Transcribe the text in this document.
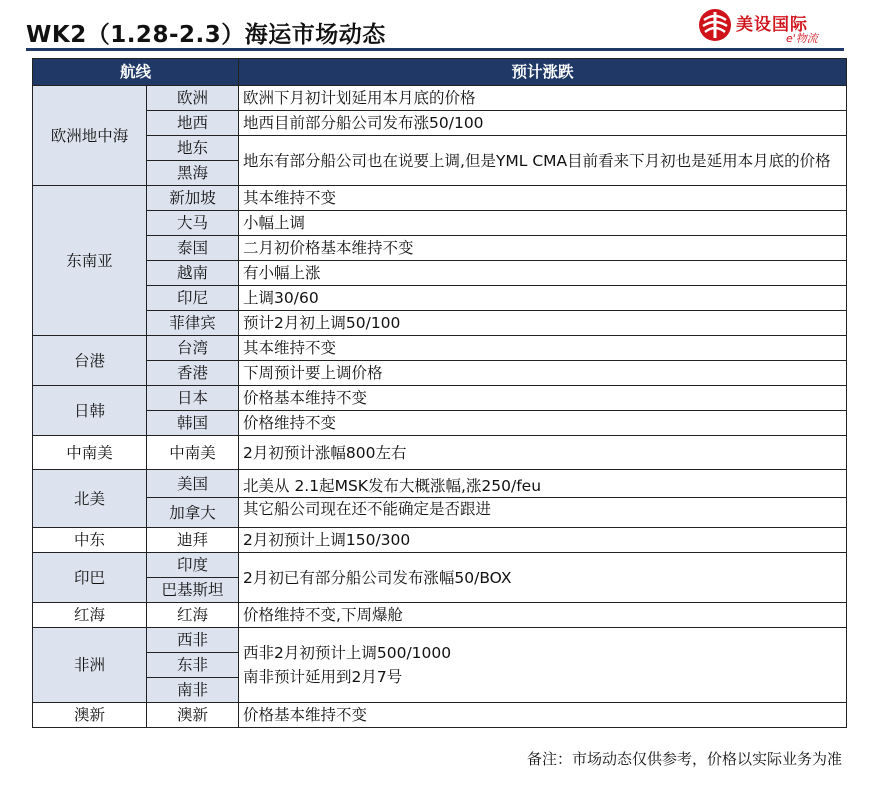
WK2（1.28-2.3）海运市场动态	美设国际
e'物流
航线		预计涨跌
欧洲地中海	欧洲	欧洲下月初计划延用本月底的价格
	地西	地西目前部分船公司发布涨50/100
	地东	地东有部分船公司也在说要上调,但是YML CMA目前看来下月初也是延用本月底的价格
	黑海	
东南亚	新加坡	其本维持不变
	大马	小幅上调
	泰国	二月初价格基本维持不变
	越南	有小幅上涨
	印尼	上调30/60
	菲律宾	预计2月初上调50/100
台港	台湾	其本维持不变
	香港	下周预计要上调价格
日韩	日本	价格基本维持不变
	韩国	价格维持不变
中南美	中南美	2月初预计涨幅800左右
北美	美国	北美从 2.1起MSK发布大概涨幅,涨250/feu
	加拿大	其它船公司现在还不能确定是否跟进
中东	迪拜	2月初预计上调150/300
印巴	印度	2月初已有部分船公司发布涨幅50/BOX
	巴基斯坦	
红海	红海	价格维持不变,下周爆舱
非洲	西非	西非2月初预计上调500/1000
南非预计延用到2月7号

	东非	
	南非	
澳新	澳新	价格基本维持不变
备注：市场动态仅供参考，价格以实际业务为准
